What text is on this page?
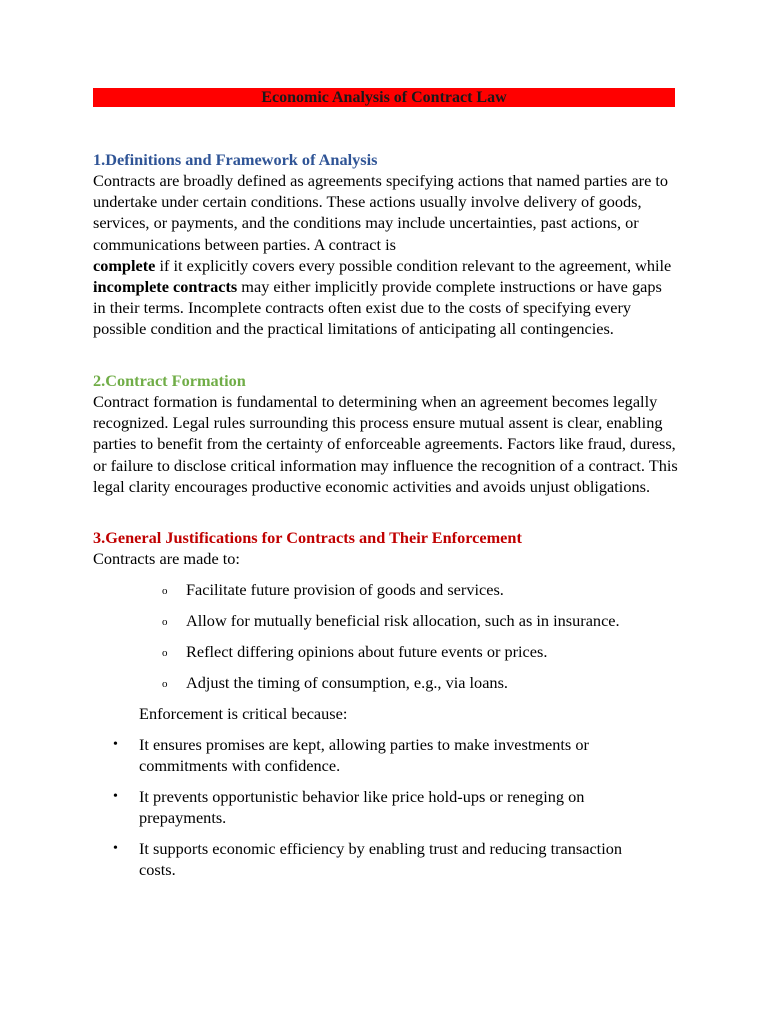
Economic Analysis of Contract Law
1.Definitions and Framework of Analysis
Contracts are broadly defined as agreements specifying actions that named parties are to undertake under certain conditions. These actions usually involve delivery of goods, services, or payments, and the conditions may include uncertainties, past actions, or communications between parties. A contract is
complete if it explicitly covers every possible condition relevant to the agreement, while incomplete contracts may either implicitly provide complete instructions or have gaps in their terms. Incomplete contracts often exist due to the costs of specifying every possible condition and the practical limitations of anticipating all contingencies.
2.Contract Formation
Contract formation is fundamental to determining when an agreement becomes legally recognized. Legal rules surrounding this process ensure mutual assent is clear, enabling parties to benefit from the certainty of enforceable agreements. Factors like fraud, duress, or failure to disclose critical information may influence the recognition of a contract. This legal clarity encourages productive economic activities and avoids unjust obligations.
3.General Justifications for Contracts and Their Enforcement
Contracts are made to:
o Facilitate future provision of goods and services.
o Allow for mutually beneficial risk allocation, such as in insurance.
o Reflect differing opinions about future events or prices.
o Adjust the timing of consumption, e.g., via loans.
Enforcement is critical because:
•	It ensures promises are kept, allowing parties to make investments or commitments with confidence.
•	It prevents opportunistic behavior like price hold-ups or reneging on prepayments.
•	It supports economic efficiency by enabling trust and reducing transaction costs.
